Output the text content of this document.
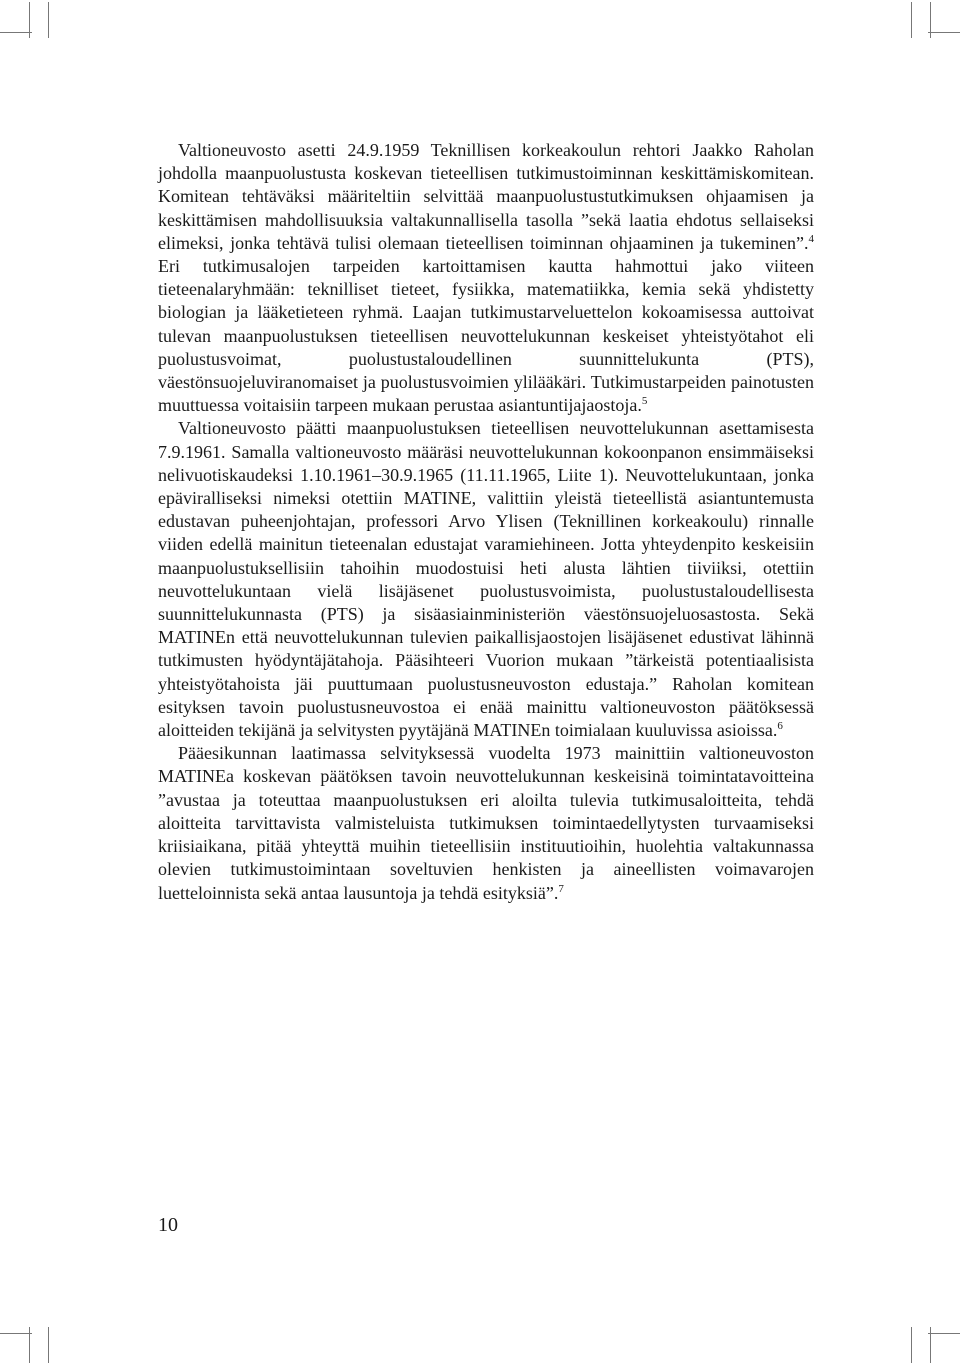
Valtioneuvosto asetti 24.9.1959 Teknillisen korkeakoulun rehtori Jaakko Raholan johdolla maanpuolustusta koskevan tieteellisen tutkimustoiminnan keskittämiskomitean. Komitean tehtäväksi määriteltiin selvittää maanpuolustustutkimuksen ohjaamisen ja keskittämisen mahdollisuuksia valtakunnallisella tasolla ”sekä laatia ehdotus sellaiseksi elimeksi, jonka tehtävä tulisi olemaan tieteellisen toiminnan ohjaaminen ja tukeminen”.$^4$ Eri tutkimusalojen tarpeiden kartoittamisen kautta hahmottui jako viiteen tieteenalaryhmään: teknilliset tieteet, fysiikka, matematiikka, kemia sekä yhdistetty biologian ja lääketieteen ryhmä. Laajan tutkimustarveluettelon kokoamisessa auttoivat tulevan maanpuolustuksen tieteellisen neuvottelukunnan keskeiset yhteistyötahot eli puolustusvoimat, puolustustaloudellinen suunnittelukunta (PTS), väestönsuojeluviranomaiset ja puolustusvoimien ylilääkäri. Tutkimustarpeiden painotusten muuttuessa voitaisiin tarpeen mukaan perustaa asiantuntijajaostoja.$^5$

Valtioneuvosto päätti maanpuolustuksen tieteellisen neuvottelukunnan asettamisesta 7.9.1961. Samalla valtioneuvosto määräsi neuvottelukunnan kokoonpanon ensimmäiseksi nelivuotiskaudeksi 1.10.1961–30.9.1965 (11.11.1965, Liite 1). Neuvottelukuntaan, jonka epäviralliseksi nimeksi otettiin MATINE, valittiin yleistä tieteellistä asiantuntemusta edustavan puheenjohtajan, professori Arvo Ylisen (Teknillinen korkeakoulu) rinnalle viiden edellä mainitun tieteenalan edustajat varamiehineen. Jotta yhteydenpito keskeisiin maanpuolustuksellisiin tahoihin muodostuisi heti alusta lähtien tiiviiksi, otettiin neuvottelukuntaan vielä lisäjäsenet puolustusvoimista, puolustustaloudellisesta suunnittelukunnasta (PTS) ja sisäasiainministeriön väestönsuojeluosastosta. Sekä MATINEn että neuvottelukunnan tulevien paikallisjaostojen lisäjäsenet edustivat lähinnä tutkimusten hyödyntäjätahoja. Pääsihteeri Vuorion mukaan ”tärkeistä potentiaalisista yhteistyötahoista jäi puuttumaan puolustusneuvoston edustaja.” Raholan komitean esityksen tavoin puolustusneuvostoa ei enää mainittu valtioneuvoston päätöksessä aloitteiden tekijänä ja selvitysten pyytäjänä MATINEn toimialaan kuuluvissa asioissa.$^6$

Pääesikunnan laatimassa selvityksessä vuodelta 1973 mainittiin valtioneuvoston MATINEa koskevan päätöksen tavoin neuvottelukunnan keskeisinä toimintatavoitteina ”avustaa ja toteuttaa maanpuolustuksen eri aloilta tulevia tutkimusaloitteita, tehdä aloitteita tarvittavista valmisteluista tutkimuksen toimintaedellytysten turvaamiseksi kriisiaikana, pitää yhteyttä muihin tieteellisiin instituutioihin, huolehtia valtakunnassa olevien tutkimustoimintaan soveltuvien henkisten ja aineellisten voimavarojen luetteloinnista sekä antaa lausuntoja ja tehdä esityksiä”.$^7$

10
